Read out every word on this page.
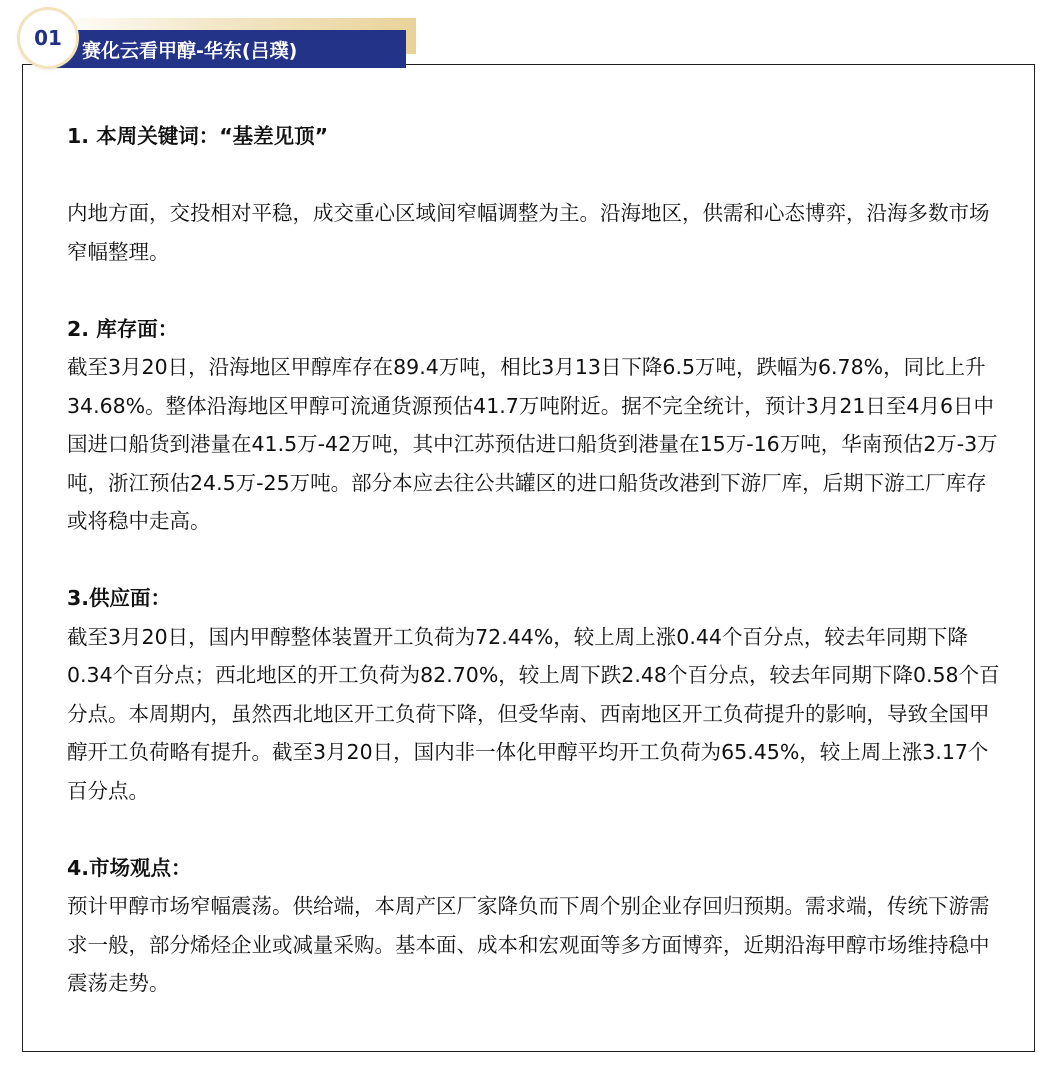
01
赛化云看甲醇-华东(吕璞)

1. 本周关键词：“基差见顶”

内地方面，交投相对平稳，成交重心区域间窄幅调整为主。沿海地区，供需和心态博弈，沿海多数市场窄幅整理。

2. 库存面：

截至3月20日，沿海地区甲醇库存在89.4万吨，相比3月13日下降6.5万吨，跌幅为6.78%，同比上升34.68%。整体沿海地区甲醇可流通货源预估41.7万吨附近。据不完全统计，预计3月21日至4月6日中国进口船货到港量在41.5万-42万吨，其中江苏预估进口船货到港量在15万-16万吨，华南预估2万-3万吨，浙江预估24.5万-25万吨。部分本应去往公共罐区的进口船货改港到下游厂库，后期下游工厂库存或将稳中走高。

3.供应面：

截至3月20日，国内甲醇整体装置开工负荷为72.44%，较上周上涨0.44个百分点，较去年同期下降0.34个百分点；西北地区的开工负荷为82.70%，较上周下跌2.48个百分点，较去年同期下降0.58个百分点。本周期内，虽然西北地区开工负荷下降，但受华南、西南地区开工负荷提升的影响，导致全国甲醇开工负荷略有提升。截至3月20日，国内非一体化甲醇平均开工负荷为65.45%，较上周上涨3.17个百分点。

4.市场观点：

预计甲醇市场窄幅震荡。供给端，本周产区厂家降负而下周个别企业存回归预期。需求端，传统下游需求一般，部分烯烃企业或减量采购。基本面、成本和宏观面等多方面博弈，近期沿海甲醇市场维持稳中震荡走势。
